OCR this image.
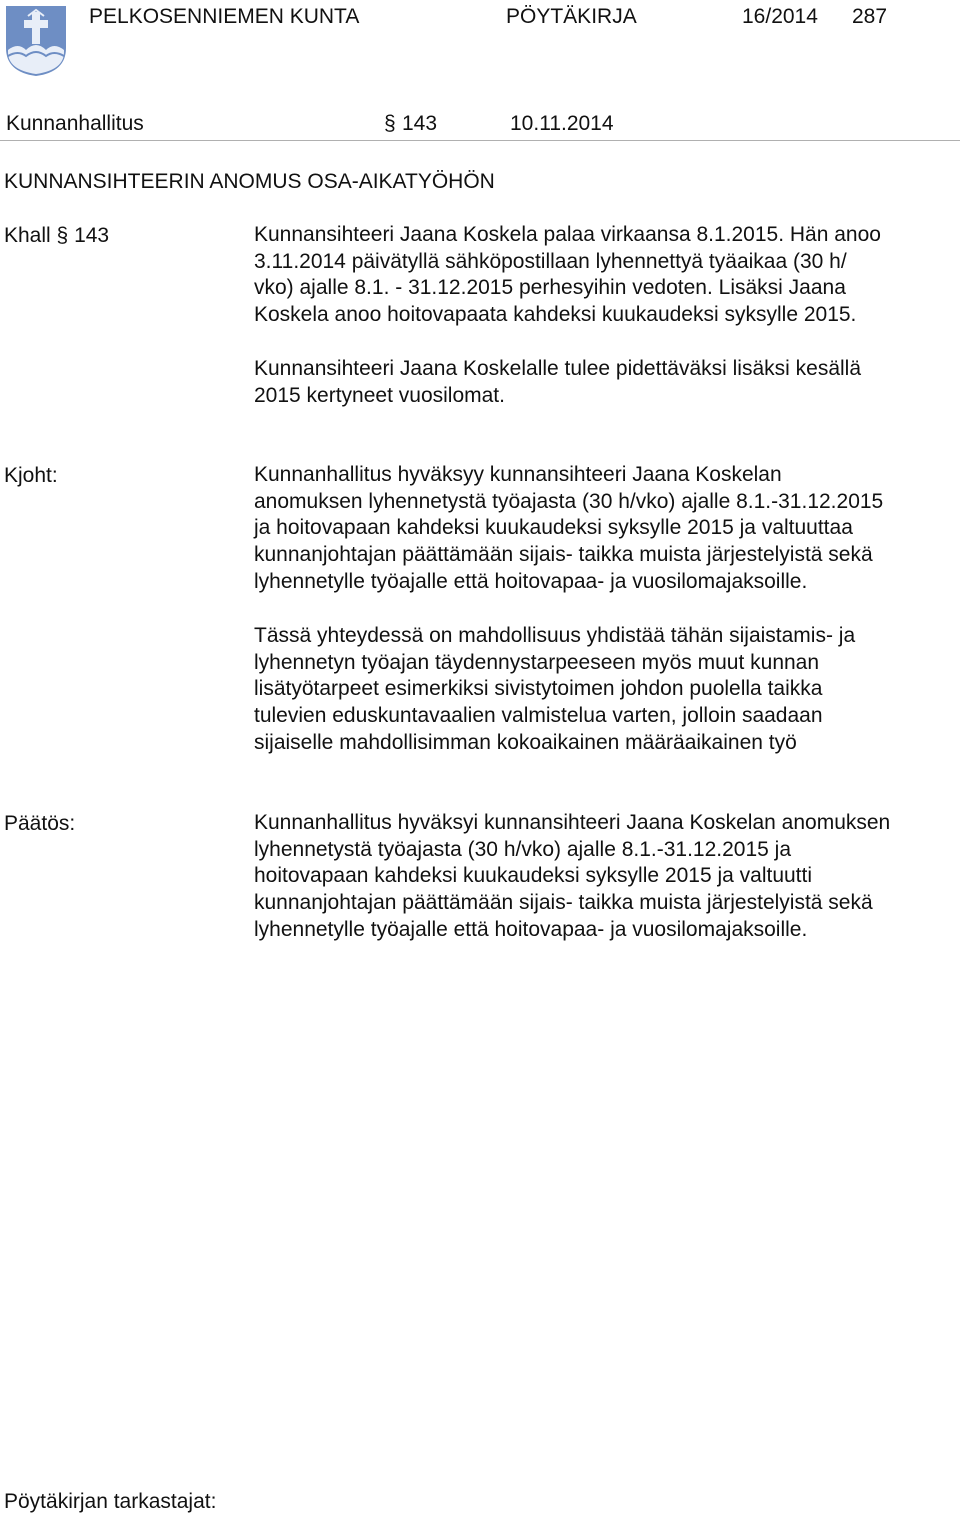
PELKOSENNIEMEN KUNTA	PÖYTÄKIRJA	16/2014 287
Kunnanhallitus	§ 143	10.11.2014
KUNNANSIHTEERIN ANOMUS OSA-AIKATYÖHÖN
Khall § 143	Kunnansihteeri Jaana Koskela palaa virkaansa 8.1.2015. Hän anoo
3.11.2014 päivätyllä sähköpostillaan lyhennettyä tyäaikaa (30 h/
vko) ajalle 8.1. - 31.12.2015 perhesyihin vedoten. Lisäksi Jaana
Koskela anoo hoitovapaata kahdeksi kuukaudeksi syksylle 2015.

Kunnansihteeri Jaana Koskelalle tulee pidettäväksi lisäksi kesällä
2015 kertyneet vuosilomat.

Kjoht:	Kunnanhallitus hyväksyy kunnansihteeri Jaana Koskelan
anomuksen lyhennetystä työajasta (30 h/vko) ajalle 8.1.-31.12.2015
ja hoitovapaan kahdeksi kuukaudeksi syksylle 2015 ja valtuuttaa
kunnanjohtajan päättämään sijais- taikka muista järjestelyistä sekä
lyhennetylle työajalle että hoitovapaa- ja vuosilomajaksoille.

Tässä yhteydessä on mahdollisuus yhdistää tähän sijaistamis- ja
lyhennetyn työajan täydennystarpeeseen myös muut kunnan
lisätyötarpeet esimerkiksi sivistytoimen johdon puolella taikka
tulevien eduskuntavaalien valmistelua varten, jolloin saadaan
sijaiselle mahdollisimman kokoaikainen määräaikainen työ

Päätös:	Kunnanhallitus hyväksyi kunnansihteeri Jaana Koskelan anomuksen
lyhennetystä työajasta (30 h/vko) ajalle 8.1.-31.12.2015 ja
hoitovapaan kahdeksi kuukaudeksi syksylle 2015 ja valtuutti
kunnanjohtajan päättämään sijais- taikka muista järjestelyistä sekä
lyhennetylle työajalle että hoitovapaa- ja vuosilomajaksoille.

Pöytäkirjan tarkastajat:
